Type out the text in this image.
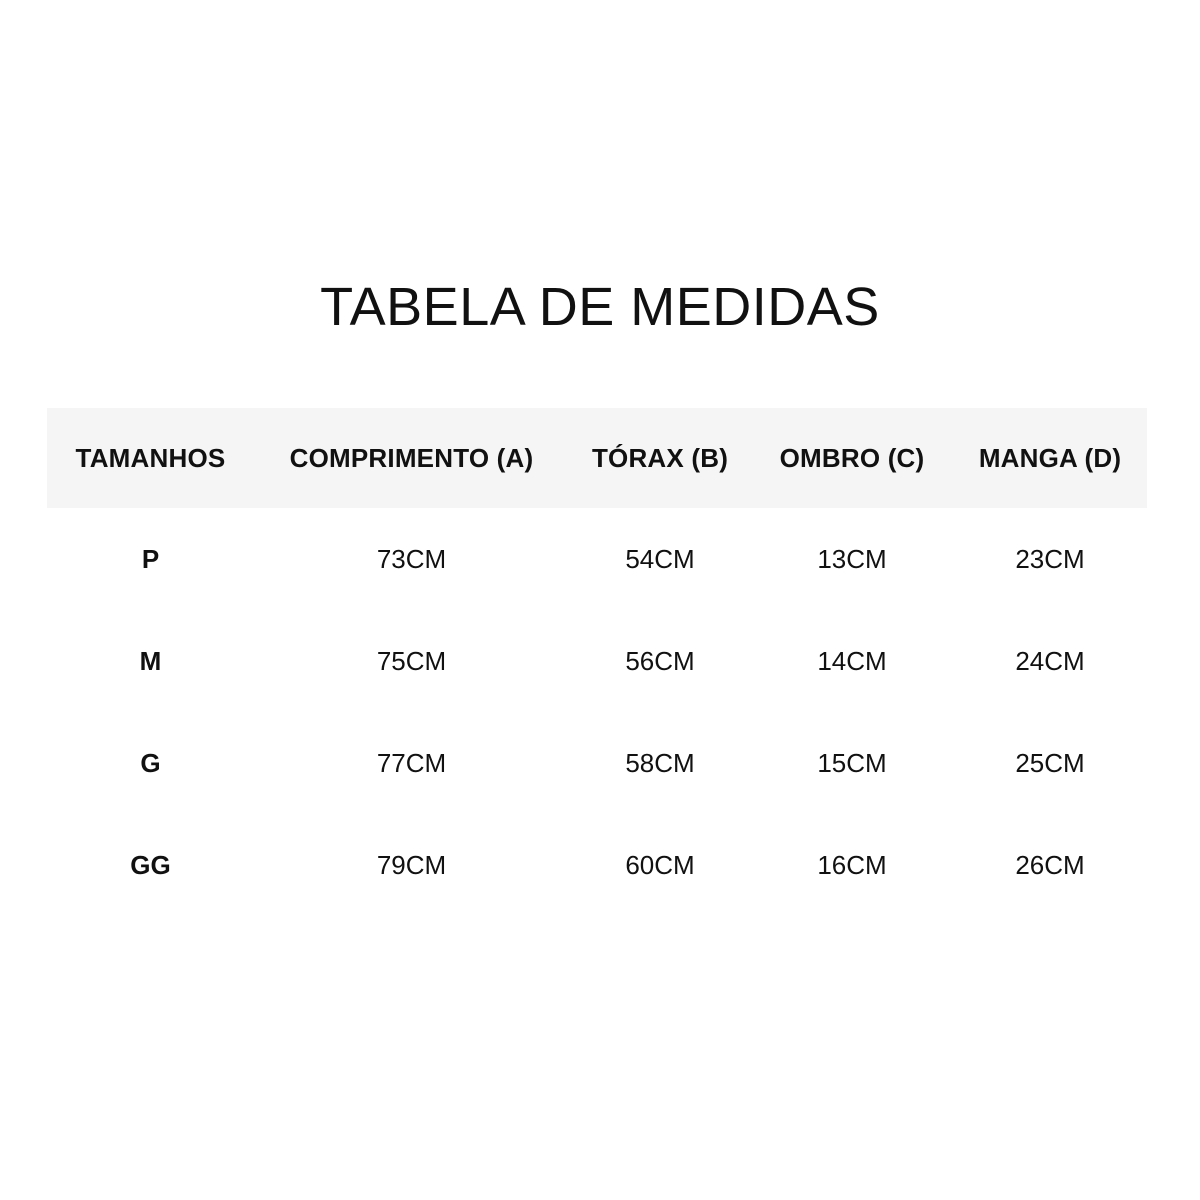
TABELA DE MEDIDAS
TAMANHOS	COMPRIMENTO (A)	TÓRAX (B)	OMBRO (C)	MANGA (D)
P	73CM	54CM	13CM	23CM
M	75CM	56CM	14CM	24CM
G	77CM	58CM	15CM	25CM
GG	79CM	60CM	16CM	26CM
